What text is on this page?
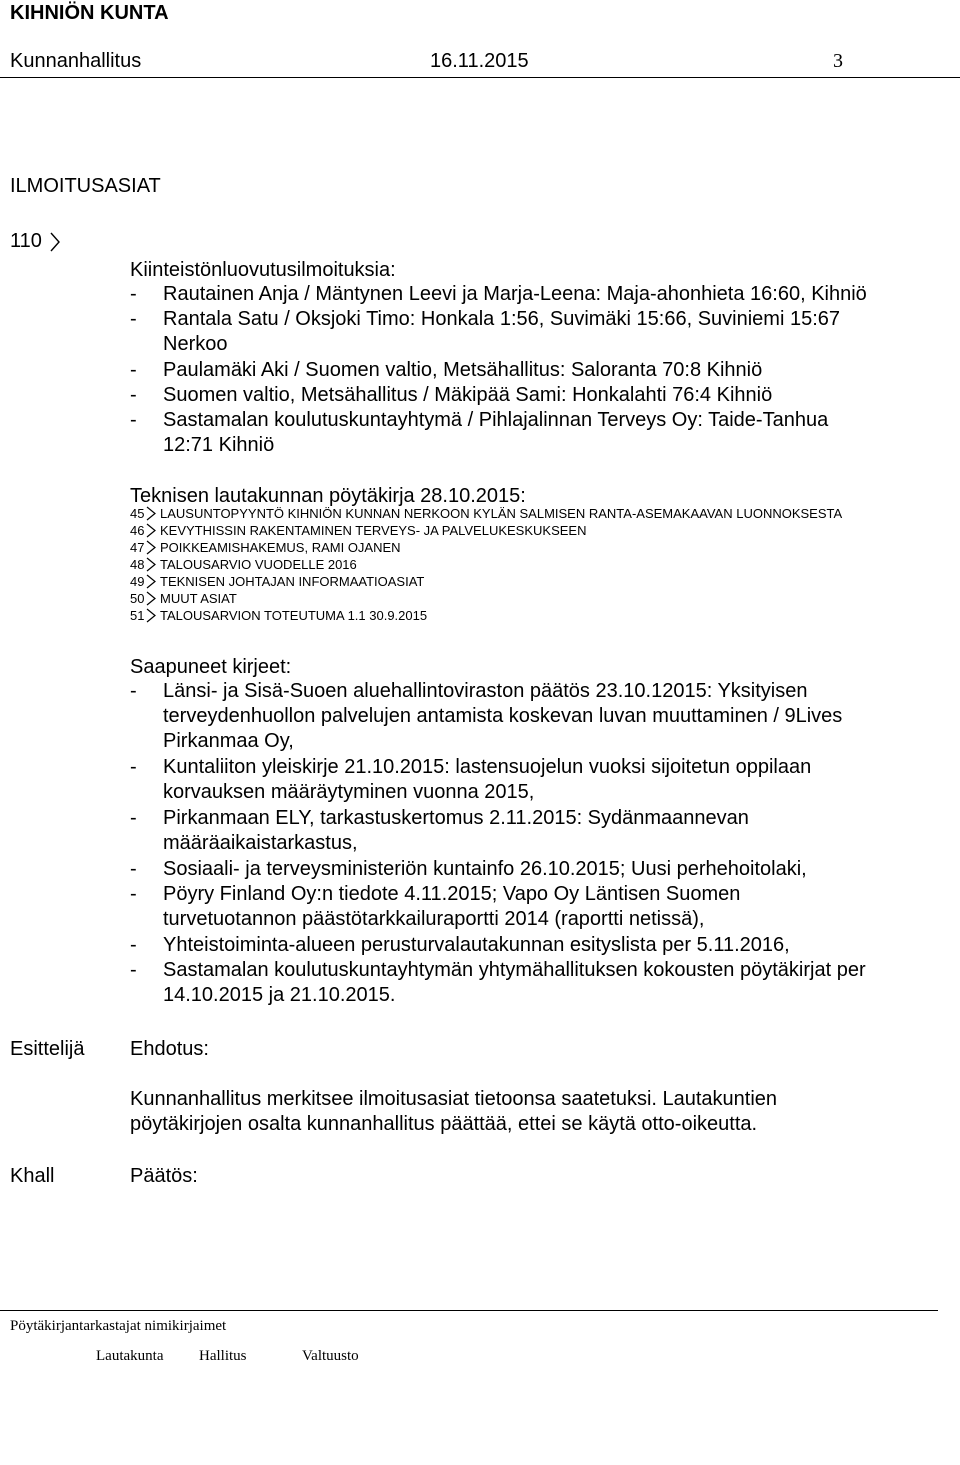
KIHNIÖN KUNTA
Kunnanhallitus	16.11.2015	3
ILMOITUSASIAT
110
Kiinteistönluovutusilmoituksia:
- Rautainen Anja / Mäntynen Leevi ja Marja-Leena: Maja-ahonhieta 16:60, Kihniö
- Rantala Satu / Oksjoki Timo: Honkala 1:56, Suvimäki 15:66, Suviniemi 15:67
Nerkoo
- Paulamäki Aki / Suomen valtio, Metsähallitus: Saloranta 70:8 Kihniö
- Suomen valtio, Metsähallitus / Mäkipää Sami: Honkalahti 76:4 Kihniö
- Sastamalan koulutuskuntayhtymä / Pihlajalinnan Terveys Oy: Taide-Tanhua
12:71 Kihniö
Teknisen lautakunnan pöytäkirja 28.10.2015:
45 LAUSUNTOPYYNTÖ KIHNIÖN KUNNAN NERKOON KYLÄN SALMISEN RANTA-ASEMAKAAVAN LUONNOKSESTA
46 KEVYTHISSIN RAKENTAMINEN TERVEYS- JA PALVELUKESKUKSEEN
47 POIKKEAMISHAKEMUS, RAMI OJANEN
48 TALOUSARVIO VUODELLE 2016
49 TEKNISEN JOHTAJAN INFORMAATIOASIAT
50 MUUT ASIAT
51 TALOUSARVION TOTEUTUMA 1.1 30.9.2015
Saapuneet kirjeet:
- Länsi- ja Sisä-Suoen aluehallintoviraston päätös 23.10.12015: Yksityisen
terveydenhuollon palvelujen antamista koskevan luvan muuttaminen / 9Lives
Pirkanmaa Oy,
- Kuntaliiton yleiskirje 21.10.2015: lastensuojelun vuoksi sijoitetun oppilaan
korvauksen määräytyminen vuonna 2015,
- Pirkanmaan ELY, tarkastuskertomus 2.11.2015: Sydänmaannevan
määräaikaistarkastus,
- Sosiaali- ja terveysministeriön kuntainfo 26.10.2015; Uusi perhehoitolaki,
- Pöyry Finland Oy:n tiedote 4.11.2015; Vapo Oy Läntisen Suomen
turvetuotannon päästötarkkailuraportti 2014 (raportti netissä),
- Yhteistoiminta-alueen perusturvalautakunnan esityslista per 5.11.2016,
- Sastamalan koulutuskuntayhtymän yhtymähallituksen kokousten pöytäkirjat per
14.10.2015 ja 21.10.2015.
Esittelijä Ehdotus:
Kunnanhallitus merkitsee ilmoitusasiat tietoonsa saatetuksi. Lautakuntien
pöytäkirjojen osalta kunnanhallitus päättää, ettei se käytä otto-oikeutta.
Khall	Päätös:
Pöytäkirjantarkastajat nimikirjaimet
Lautakunta Hallitus	Valtuusto
